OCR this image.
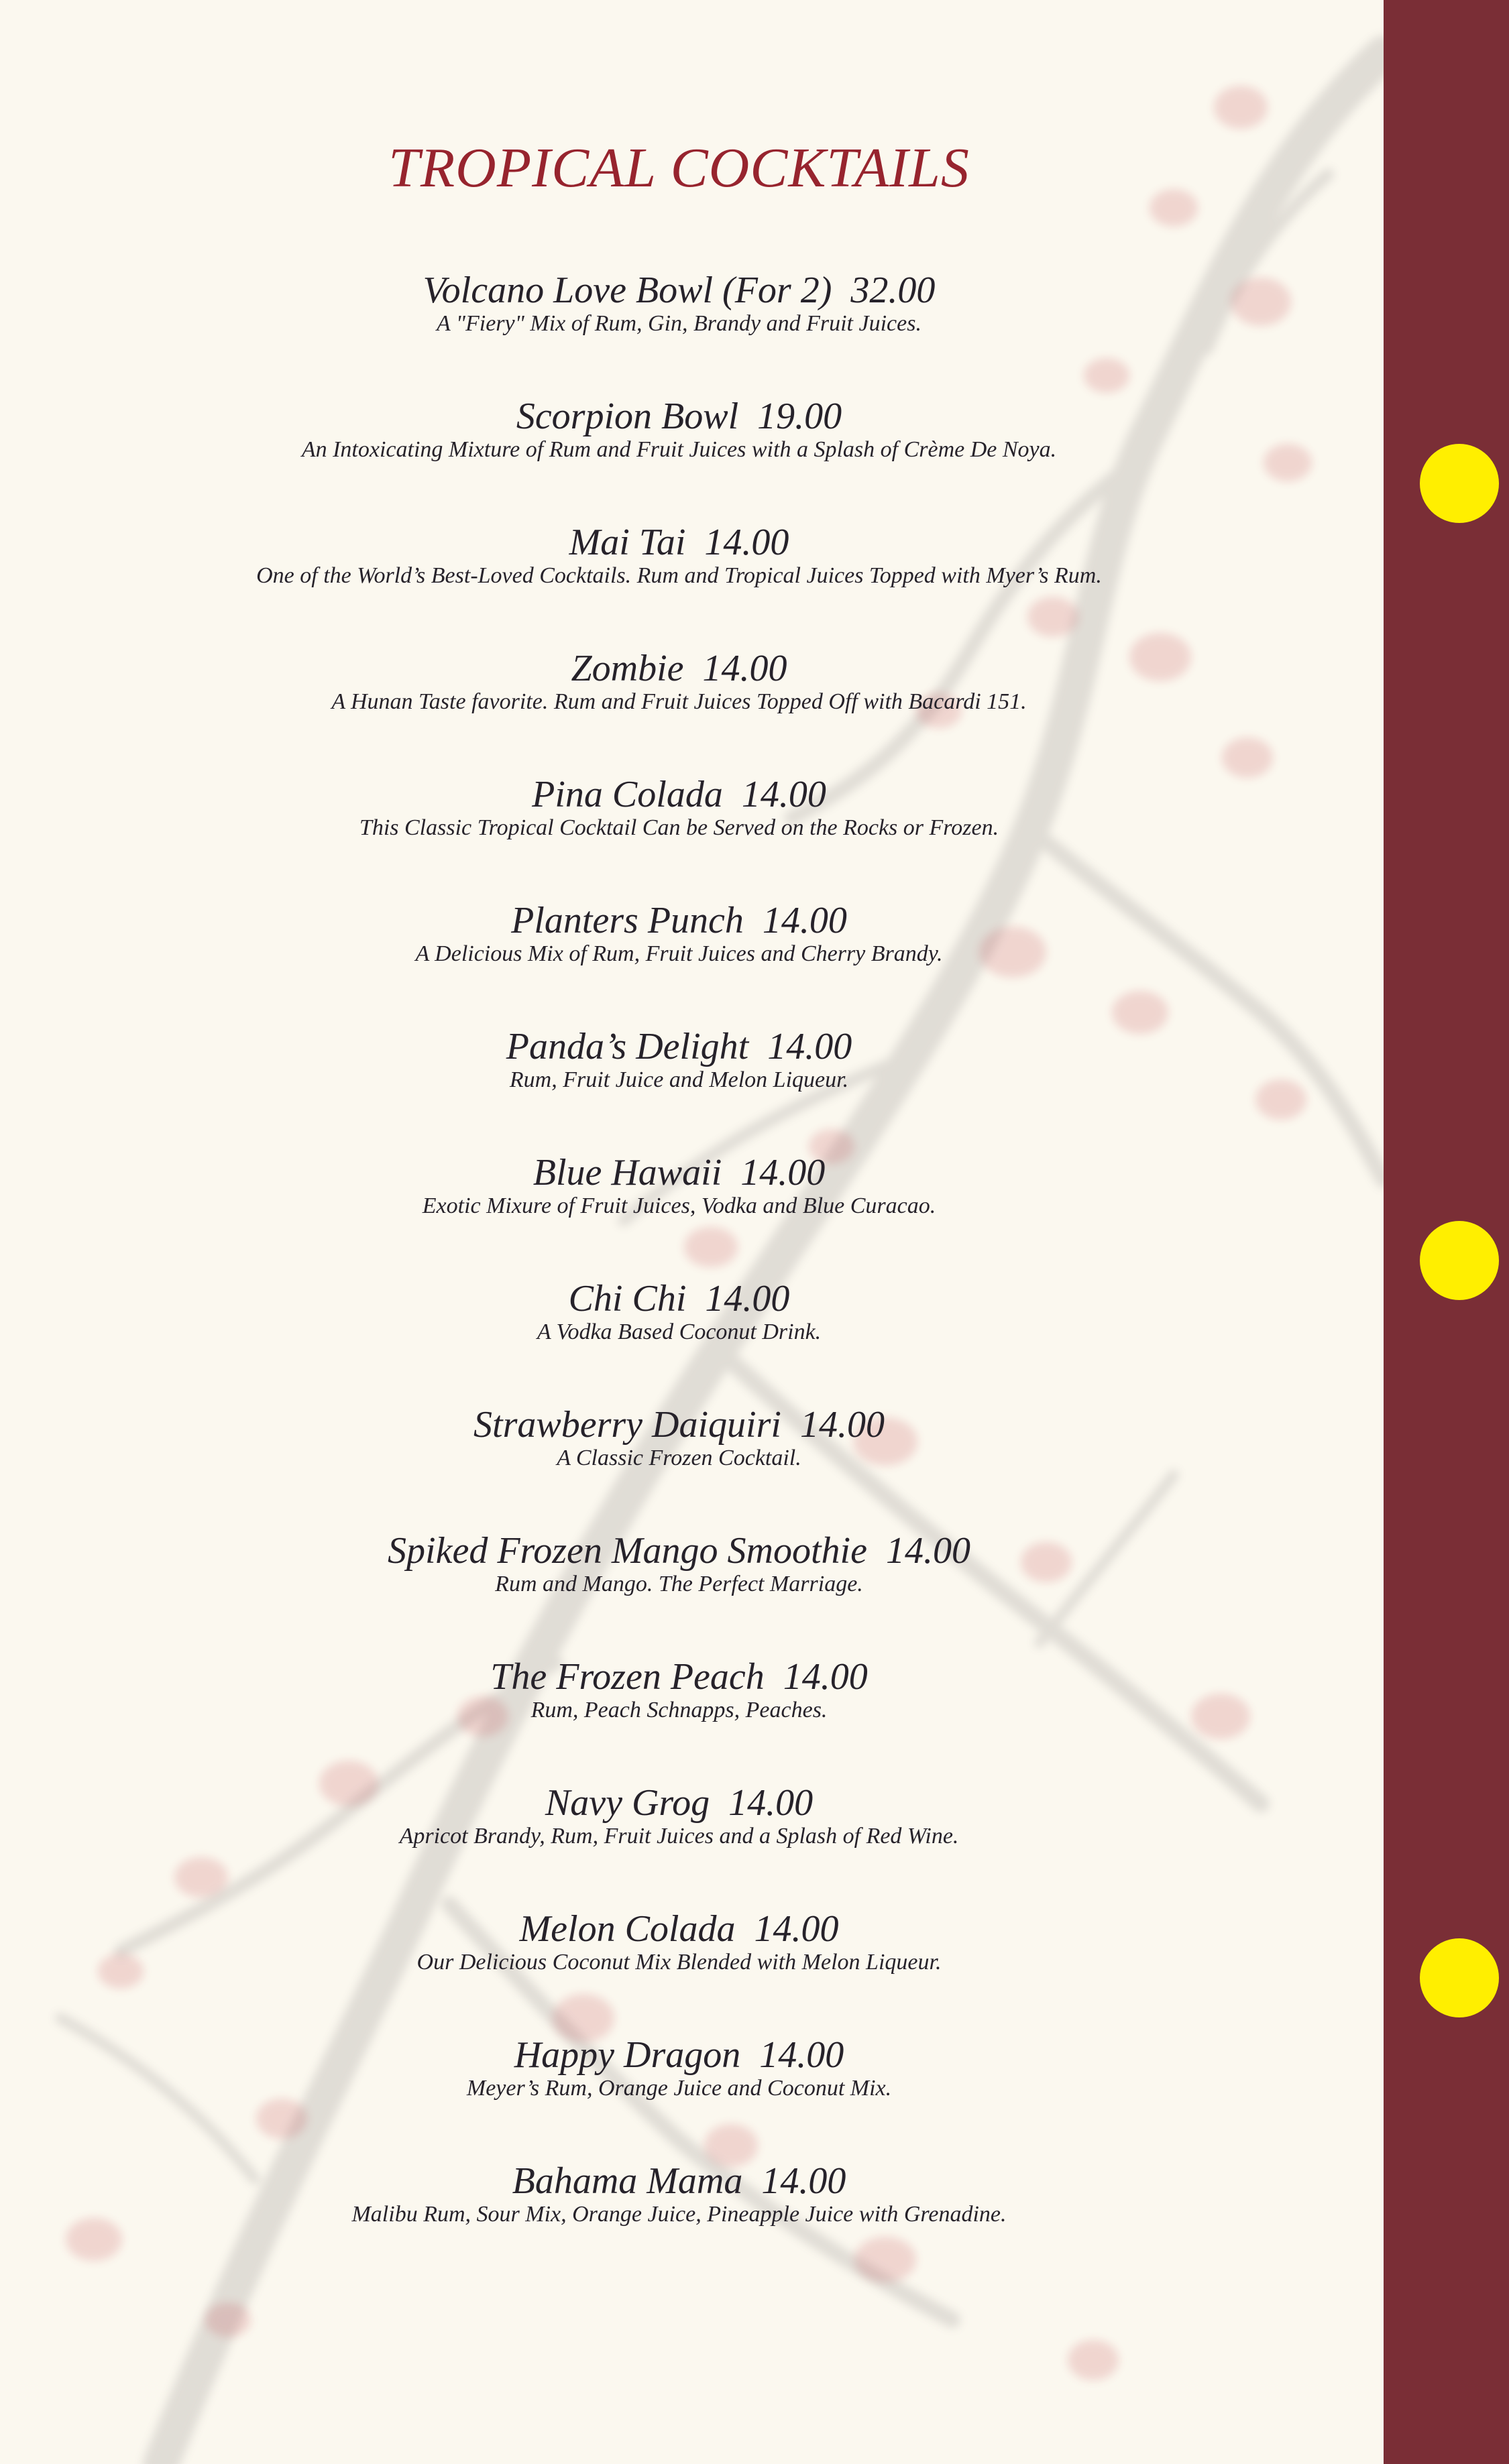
TROPICAL COCKTAILS
Volcano Love Bowl (For 2) 32.00
A "Fiery" Mix of Rum, Gin, Brandy and Fruit Juices.
Scorpion Bowl 19.00
An Intoxicating Mixture of Rum and Fruit Juices with a Splash of Crème De Noya.
Mai Tai 14.00
One of the World’s Best-Loved Cocktails. Rum and Tropical Juices Topped with Myer’s Rum.
Zombie 14.00
A Hunan Taste favorite. Rum and Fruit Juices Topped Off with Bacardi 151.
Pina Colada 14.00
This Classic Tropical Cocktail Can be Served on the Rocks or Frozen.
Planters Punch 14.00
A Delicious Mix of Rum, Fruit Juices and Cherry Brandy.
Panda’s Delight 14.00
Rum, Fruit Juice and Melon Liqueur.
Blue Hawaii 14.00
Exotic Mixure of Fruit Juices, Vodka and Blue Curacao.
Chi Chi 14.00
A Vodka Based Coconut Drink.
Strawberry Daiquiri 14.00
A Classic Frozen Cocktail.
Spiked Frozen Mango Smoothie 14.00
Rum and Mango. The Perfect Marriage.
The Frozen Peach 14.00
Rum, Peach Schnapps, Peaches.
Navy Grog 14.00
Apricot Brandy, Rum, Fruit Juices and a Splash of Red Wine.
Melon Colada 14.00
Our Delicious Coconut Mix Blended with Melon Liqueur.
Happy Dragon 14.00
Meyer’s Rum, Orange Juice and Coconut Mix.
Bahama Mama 14.00
Malibu Rum, Sour Mix, Orange Juice, Pineapple Juice with Grenadine.
